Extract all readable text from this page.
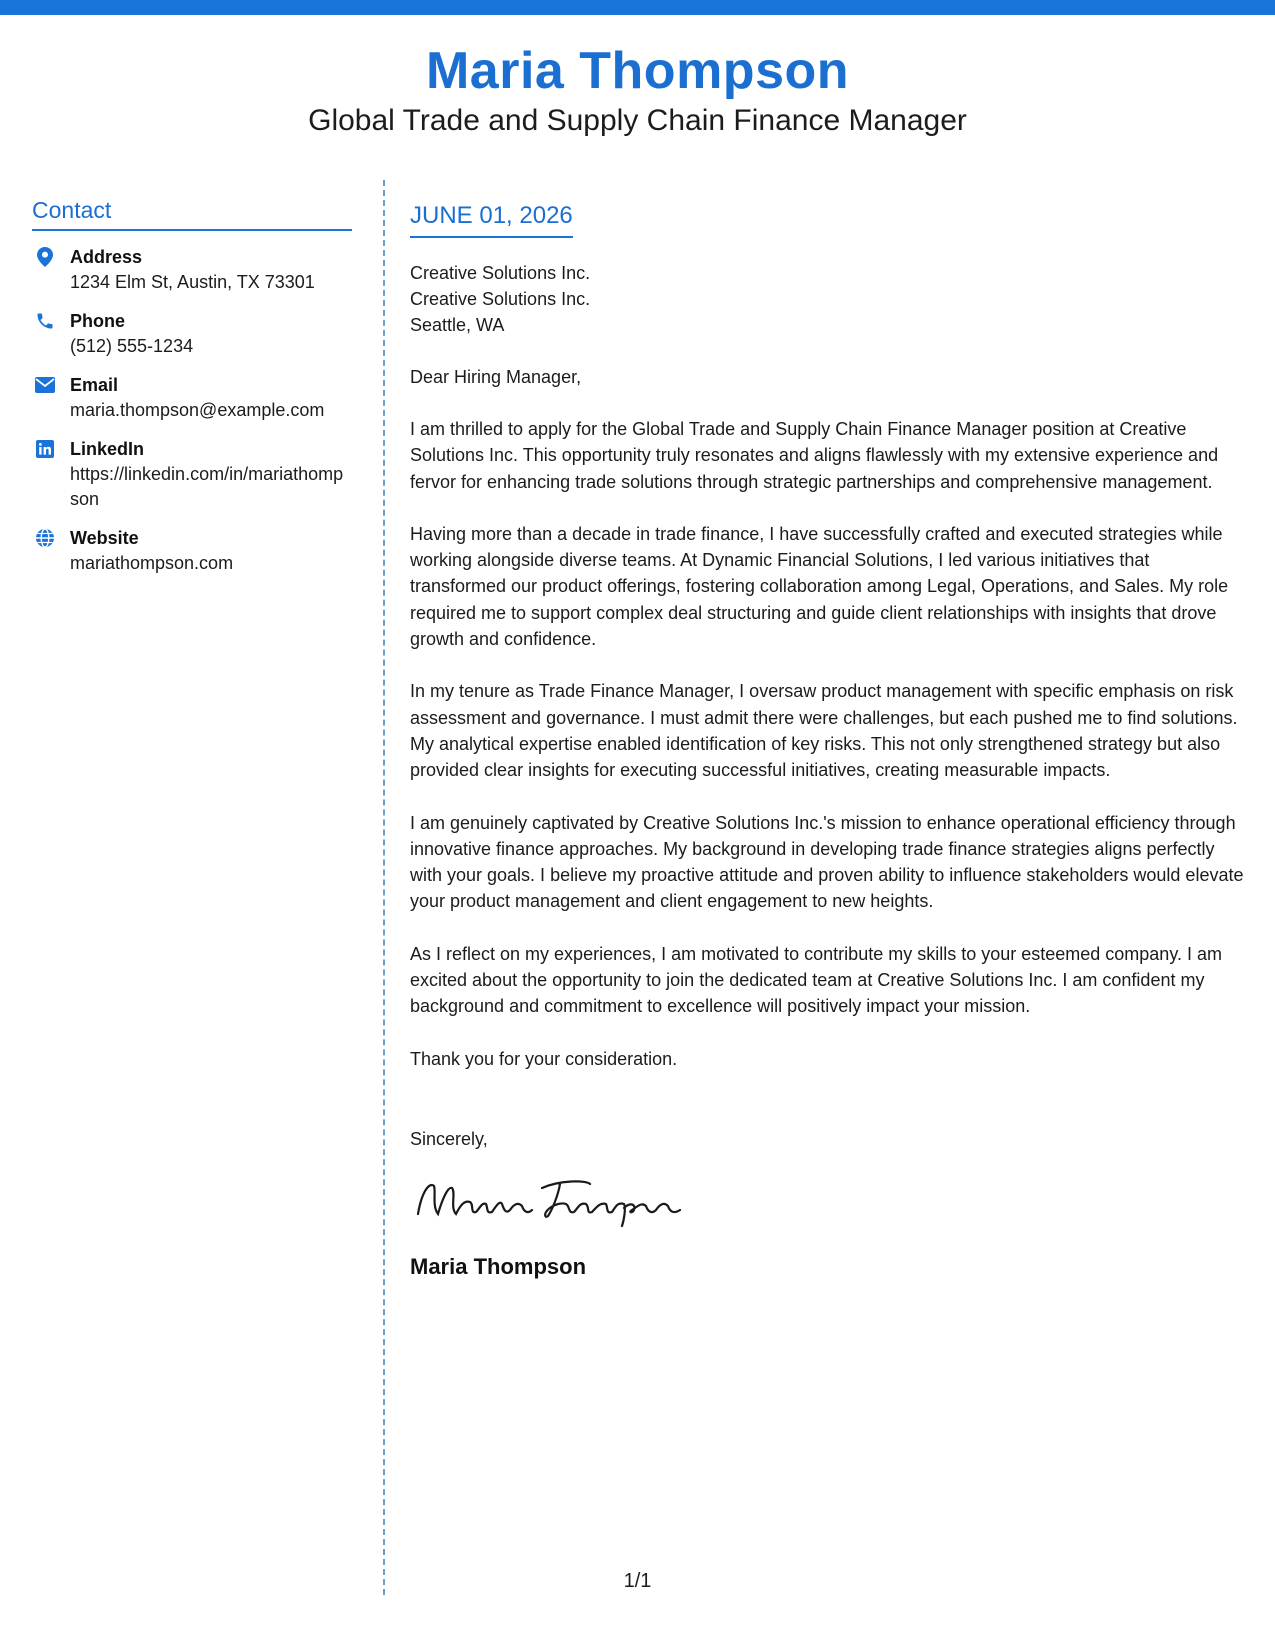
Maria Thompson
Global Trade and Supply Chain Finance Manager
Contact
Address
1234 Elm St, Austin, TX 73301
Phone
(512) 555-1234
Email
maria.thompson@example.com
LinkedIn
https://linkedin.com/in/mariathompson
Website
mariathompson.com
JUNE 01, 2026
Creative Solutions Inc.
Creative Solutions Inc.
Seattle, WA
Dear Hiring Manager,
I am thrilled to apply for the Global Trade and Supply Chain Finance Manager position at Creative Solutions Inc. This opportunity truly resonates and aligns flawlessly with my extensive experience and fervor for enhancing trade solutions through strategic partnerships and comprehensive management.
Having more than a decade in trade finance, I have successfully crafted and executed strategies while working alongside diverse teams. At Dynamic Financial Solutions, I led various initiatives that transformed our product offerings, fostering collaboration among Legal, Operations, and Sales. My role required me to support complex deal structuring and guide client relationships with insights that drove growth and confidence.
In my tenure as Trade Finance Manager, I oversaw product management with specific emphasis on risk assessment and governance. I must admit there were challenges, but each pushed me to find solutions. My analytical expertise enabled identification of key risks. This not only strengthened strategy but also provided clear insights for executing successful initiatives, creating measurable impacts.
I am genuinely captivated by Creative Solutions Inc.'s mission to enhance operational efficiency through innovative finance approaches. My background in developing trade finance strategies aligns perfectly with your goals. I believe my proactive attitude and proven ability to influence stakeholders would elevate your product management and client engagement to new heights.
As I reflect on my experiences, I am motivated to contribute my skills to your esteemed company. I am excited about the opportunity to join the dedicated team at Creative Solutions Inc. I am confident my background and commitment to excellence will positively impact your mission.
Thank you for your consideration.
Sincerely,
Maria Thompson
1/1
